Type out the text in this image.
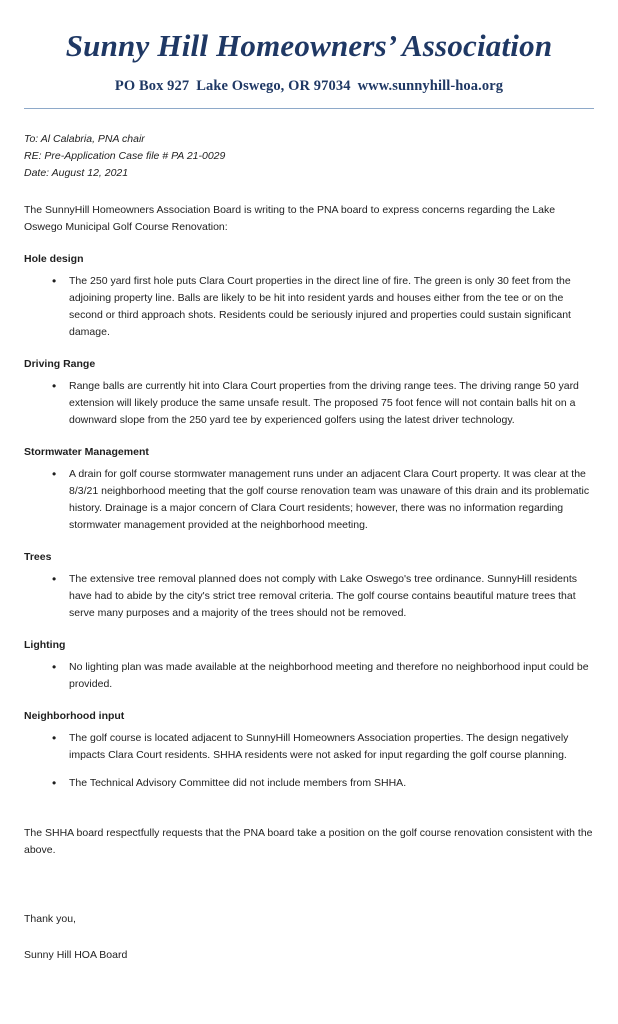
Sunny Hill Homeowners’ Association
PO Box 927 Lake Oswego, OR 97034 www.sunnyhill-hoa.org
To: Al Calabria, PNA chair
RE: Pre-Application Case file # PA 21-0029
Date: August 12, 2021
The SunnyHill Homeowners Association Board is writing to the PNA board to express concerns regarding the Lake Oswego Municipal Golf Course Renovation:
Hole design
• The 250 yard first hole puts Clara Court properties in the direct line of fire. The green is only 30 feet from the adjoining property line. Balls are likely to be hit into resident yards and houses either from the tee or on the second or third approach shots. Residents could be seriously injured and properties could sustain significant damage.
Driving Range
• Range balls are currently hit into Clara Court properties from the driving range tees. The driving range 50 yard extension will likely produce the same unsafe result. The proposed 75 foot fence will not contain balls hit on a downward slope from the 250 yard tee by experienced golfers using the latest driver technology.
Stormwater Management
• A drain for golf course stormwater management runs under an adjacent Clara Court property. It was clear at the 8/3/21 neighborhood meeting that the golf course renovation team was unaware of this drain and its problematic history. Drainage is a major concern of Clara Court residents; however, there was no information regarding stormwater management provided at the neighborhood meeting.
Trees
• The extensive tree removal planned does not comply with Lake Oswego's tree ordinance. SunnyHill residents have had to abide by the city's strict tree removal criteria. The golf course contains beautiful mature trees that serve many purposes and a majority of the trees should not be removed.
Lighting
• No lighting plan was made available at the neighborhood meeting and therefore no neighborhood input could be provided.
Neighborhood input
• The golf course is located adjacent to SunnyHill Homeowners Association properties. The design negatively impacts Clara Court residents. SHHA residents were not asked for input regarding the golf course planning.
• The Technical Advisory Committee did not include members from SHHA.
The SHHA board respectfully requests that the PNA board take a position on the golf course renovation consistent with the above.
Thank you,
Sunny Hill HOA Board
